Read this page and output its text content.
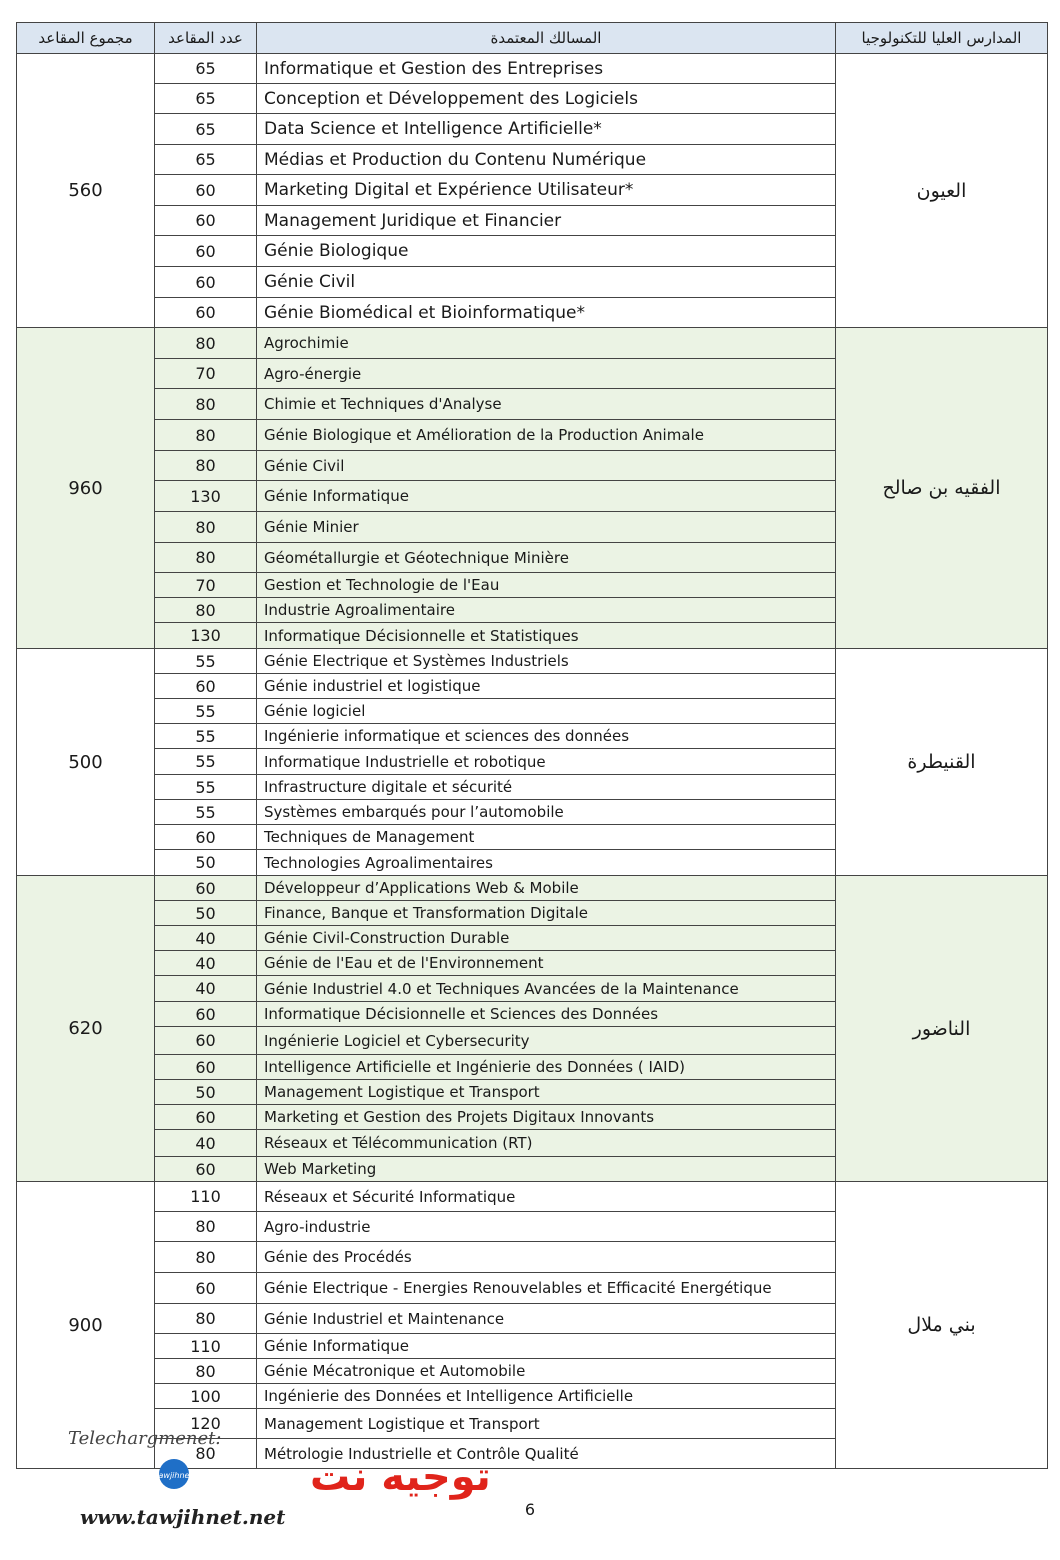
مجموع المقاعد	عدد المقاعد	المسالك المعتمدة	المدارس العليا للتكنولوجيا
560	65	Informatique et Gestion des Entreprises	العيون
	65	Conception et Développement des Logiciels	
	65	Data Science et Intelligence Artificielle*	
	65	Médias et Production du Contenu Numérique	
	60	Marketing Digital et Expérience Utilisateur*	
	60	Management Juridique et Financier	
	60	Génie Biologique	
	60	Génie Civil	
	60	Génie Biomédical et Bioinformatique*	
960	80	Agrochimie	الفقيه بن صالح
	70	Agro-énergie	
	80	Chimie et Techniques d'Analyse	
	80	Génie Biologique et Amélioration de la Production Animale	
	80	Génie Civil	
	130	Génie Informatique	
	80	Génie Minier	
	80	Géométallurgie et Géotechnique Minière	
	70	Gestion et Technologie de l'Eau	
	80	Industrie Agroalimentaire	
	130	Informatique Décisionnelle et Statistiques	
500	55	Génie Electrique et Systèmes Industriels	القنيطرة
	60	Génie industriel et logistique	
	55	Génie logiciel	
	55	Ingénierie informatique et sciences des données	
	55	Informatique Industrielle et robotique	
	55	Infrastructure digitale et sécurité	
	55	Systèmes embarqués pour l’automobile	
	60	Techniques de Management	
	50	Technologies Agroalimentaires	
620	60	Développeur d’Applications Web & Mobile	الناضور
	50	Finance, Banque et Transformation Digitale	
	40	Génie Civil-Construction Durable	
	40	Génie de l'Eau et de l'Environnement	
	40	Génie Industriel 4.0 et Techniques Avancées de la Maintenance	
	60	Informatique Décisionnelle et Sciences des Données	
	60	Ingénierie Logiciel et Cybersecurity	
	60	Intelligence Artificielle et Ingénierie des Données ( IAID)	
	50	Management Logistique et Transport	
	60	Marketing et Gestion des Projets Digitaux Innovants	
	40	Réseaux et Télécommunication (RT)	
	60	Web Marketing	
900	110	Réseaux et Sécurité Informatique	بني ملال
	80	Agro-industrie	
	80	Génie des Procédés	
	60	Génie Electrique - Energies Renouvelables et Efficacité Energétique	
	80	Génie Industriel et Maintenance	
	110	Génie Informatique	
	80	Génie Mécatronique et Automobile	
	100	Ingénierie des Données et Intelligence Artificielle	
	120	Management Logistique et Transport	
	80	Métrologie Industrielle et Contrôle Qualité	
Telechargmenet:
توجيه نت
tawjihnet
www.tawjihnet.net	6
